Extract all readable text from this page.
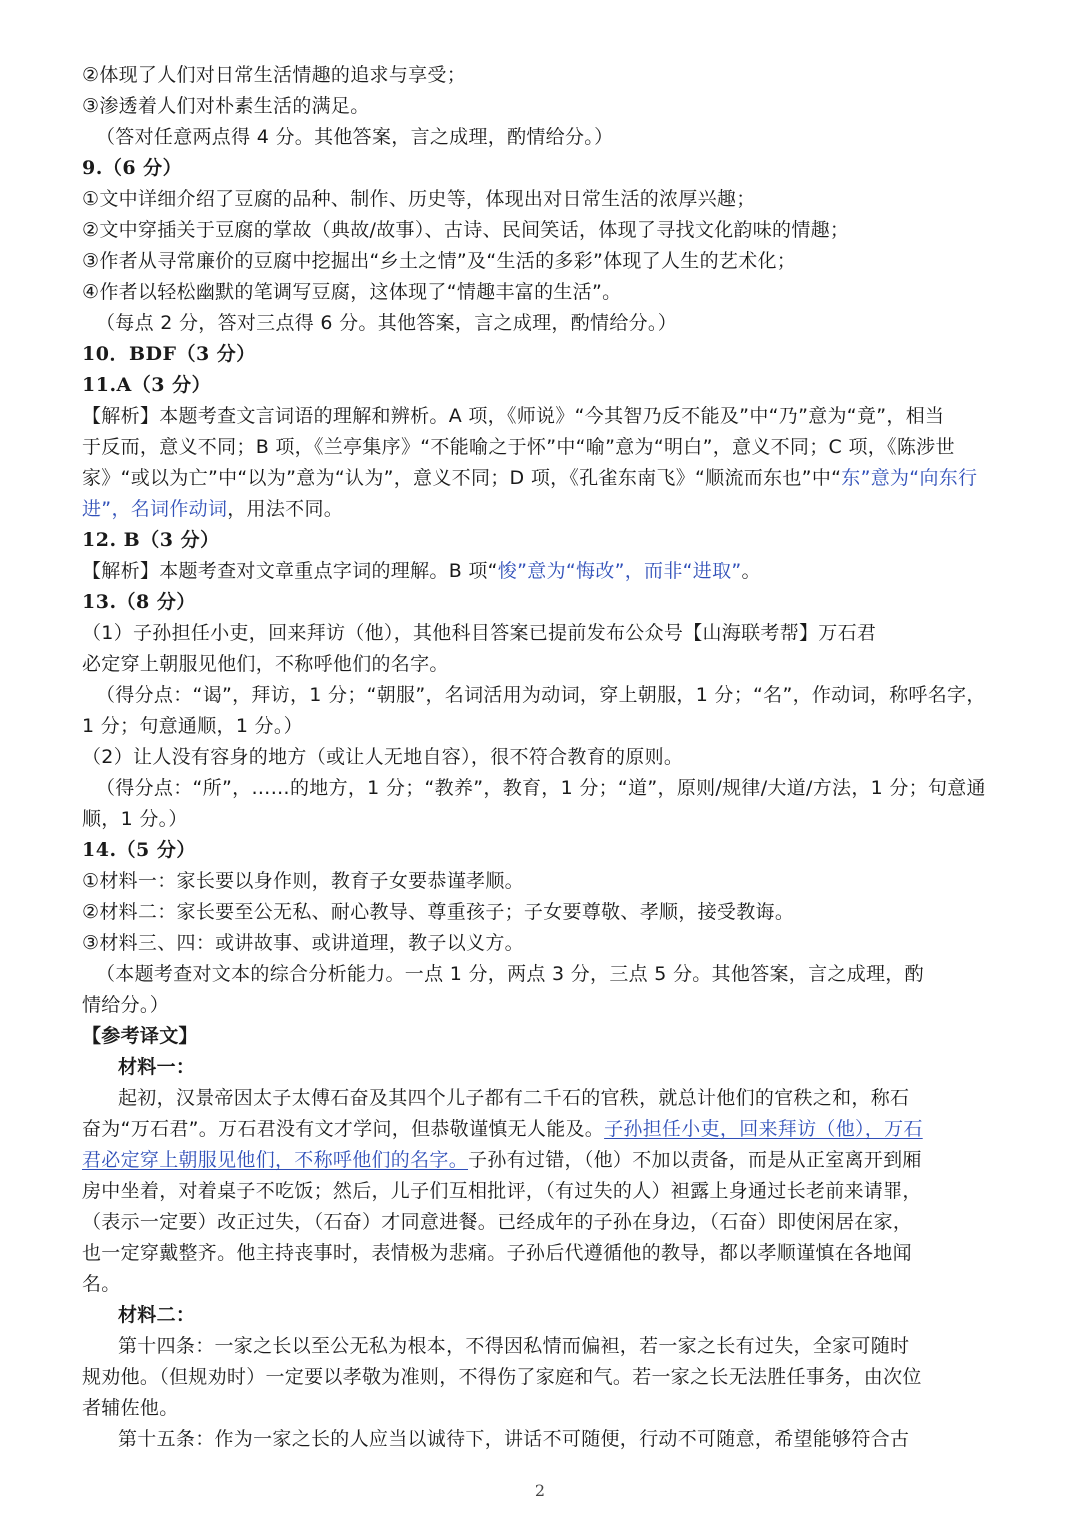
②体现了人们对日常生活情趣的追求与享受；
③渗透着人们对朴素生活的满足。
（答对任意两点得 4 分。其他答案，言之成理，酌情给分。）
9.（6 分）
①文中详细介绍了豆腐的品种、制作、历史等，体现出对日常生活的浓厚兴趣；
②文中穿插关于豆腐的掌故（典故/故事）、古诗、民间笑话，体现了寻找文化韵味的情趣；
③作者从寻常廉价的豆腐中挖掘出“乡土之情”及“生活的多彩”体现了人生的艺术化；
④作者以轻松幽默的笔调写豆腐，这体现了“情趣丰富的生活”。
（每点 2 分，答对三点得 6 分。其他答案，言之成理，酌情给分。）
10．BDF（3 分）
11.A（3 分）
【解析】本题考查文言词语的理解和辨析。A 项，《师说》“今其智乃反不能及”中“乃”意为“竟”，相当
于反而，意义不同；B 项，《兰亭集序》“不能喻之于怀”中“喻”意为“明白”，意义不同；C 项，《陈涉世
家》“或以为亡”中“以为”意为“认为”，意义不同；D 项，《孔雀东南飞》“顺流而东也”中“东”意为“向东行
进”，名词作动词，用法不同。
12. B（3 分）
【解析】本题考查对文章重点字词的理解。B 项“悛”意为“悔改”，而非“进取”。
13.（8 分）
（1）子孙担任小吏，回来拜访（他），其他科目答案已提前发布公众号【山海联考帮】万石君
必定穿上朝服见他们，不称呼他们的名字。
（得分点：“谒”，拜访，1 分；“朝服”，名词活用为动词，穿上朝服，1 分；“名”，作动词，称呼名字，
1 分；句意通顺，1 分。）
（2）让人没有容身的地方（或让人无地自容），很不符合教育的原则。
（得分点：“所”，……的地方，1 分；“教养”，教育，1 分；“道”，原则/规律/大道/方法，1 分；句意通
顺，1 分。）
14.（5 分）
①材料一：家长要以身作则，教育子女要恭谨孝顺。
②材料二：家长要至公无私、耐心教导、尊重孩子；子女要尊敬、孝顺，接受教诲。
③材料三、四：或讲故事、或讲道理，教子以义方。
（本题考查对文本的综合分析能力。一点 1 分，两点 3 分，三点 5 分。其他答案，言之成理，酌
情给分。）
【参考译文】
材料一：
起初，汉景帝因太子太傅石奋及其四个儿子都有二千石的官秩，就总计他们的官秩之和，称石
奋为“万石君”。万石君没有文才学问，但恭敬谨慎无人能及。子孙担任小吏，回来拜访（他），万石
君必定穿上朝服见他们，不称呼他们的名字。子孙有过错，（他）不加以责备，而是从正室离开到厢
房中坐着，对着桌子不吃饭；然后，儿子们互相批评，（有过失的人）袒露上身通过长老前来请罪，
（表示一定要）改正过失，（石奋）才同意进餐。已经成年的子孙在身边，（石奋）即使闲居在家，
也一定穿戴整齐。他主持丧事时，表情极为悲痛。子孙后代遵循他的教导，都以孝顺谨慎在各地闻
名。
材料二：
第十四条：一家之长以至公无私为根本，不得因私情而偏袒，若一家之长有过失，全家可随时
规劝他。（但规劝时）一定要以孝敬为准则，不得伤了家庭和气。若一家之长无法胜任事务，由次位
者辅佐他。
第十五条：作为一家之长的人应当以诚待下，讲话不可随便，行动不可随意，希望能够符合古
2
